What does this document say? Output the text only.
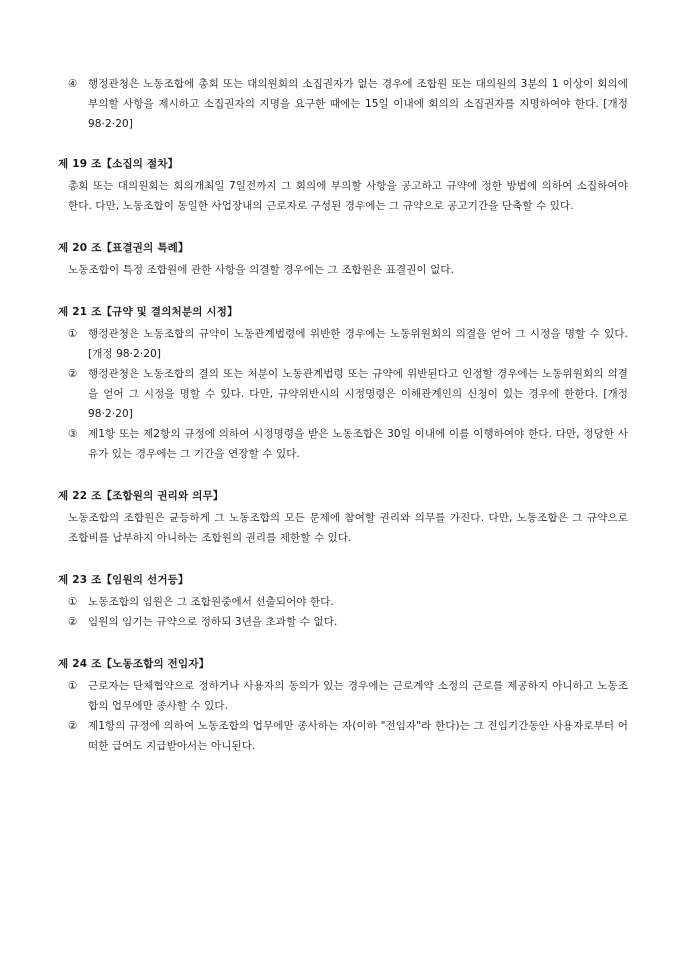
④ 행정관청은 노동조합에 총회 또는 대의원회의 소집권자가 없는 경우에 조합원 또는 대의원의 3분의 1 이상이 회의에 부의할 사항을 제시하고 소집권자의 지명을 요구한 때에는 15일 이내에 회의의 소집권자를 지명하여야 한다. [개정 98·2·20]
제 19 조【소집의 절차】
총회 또는 대의원회는 회의개최일 7일전까지 그 회의에 부의할 사항을 공고하고 규약에 정한 방법에 의하여 소집하여야 한다. 다만, 노동조합이 동일한 사업장내의 근로자로 구성된 경우에는 그 규약으로 공고기간을 단축할 수 있다.
제 20 조【표결권의 특례】
노동조합이 특정 조합원에 관한 사항을 의결할 경우에는 그 조합원은 표결권이 없다.
제 21 조【규약 및 결의처분의 시정】
① 행정관청은 노동조합의 규약이 노동관계법령에 위반한 경우에는 노동위원회의 의결을 얻어 그 시정을 명할 수 있다. [개정 98·2·20]
② 행정관청은 노동조합의 결의 또는 처분이 노동관계법령 또는 규약에 위반된다고 인정할 경우에는 노동위원회의 의결을 얻어 그 시정을 명할 수 있다. 다만, 규약위반시의 시정명령은 이해관계인의 신청이 있는 경우에 한한다. [개정 98·2·20]
③ 제1항 또는 제2항의 규정에 의하여 시정명령을 받은 노동조합은 30일 이내에 이를 이행하여야 한다. 다만, 정당한 사유가 있는 경우에는 그 기간을 연장할 수 있다.
제 22 조【조합원의 권리와 의무】
노동조합의 조합원은 균등하게 그 노동조합의 모든 문제에 참여할 권리와 의무를 가진다. 다만, 노동조합은 그 규약으로 조합비를 납부하지 아니하는 조합원의 권리를 제한할 수 있다.
제 23 조【임원의 선거등】
① 노동조합의 임원은 그 조합원중에서 선출되어야 한다.
② 임원의 임기는 규약으로 정하되 3년을 초과할 수 없다.
제 24 조【노동조합의 전임자】
① 근로자는 단체협약으로 정하거나 사용자의 동의가 있는 경우에는 근로계약 소정의 근로를 제공하지 아니하고 노동조합의 업무에만 종사할 수 있다.
② 제1항의 규정에 의하여 노동조합의 업무에만 종사하는 자(이하 "전임자"라 한다)는 그 전임기간동안 사용자로부터 어떠한 급여도 지급받아서는 아니된다.
